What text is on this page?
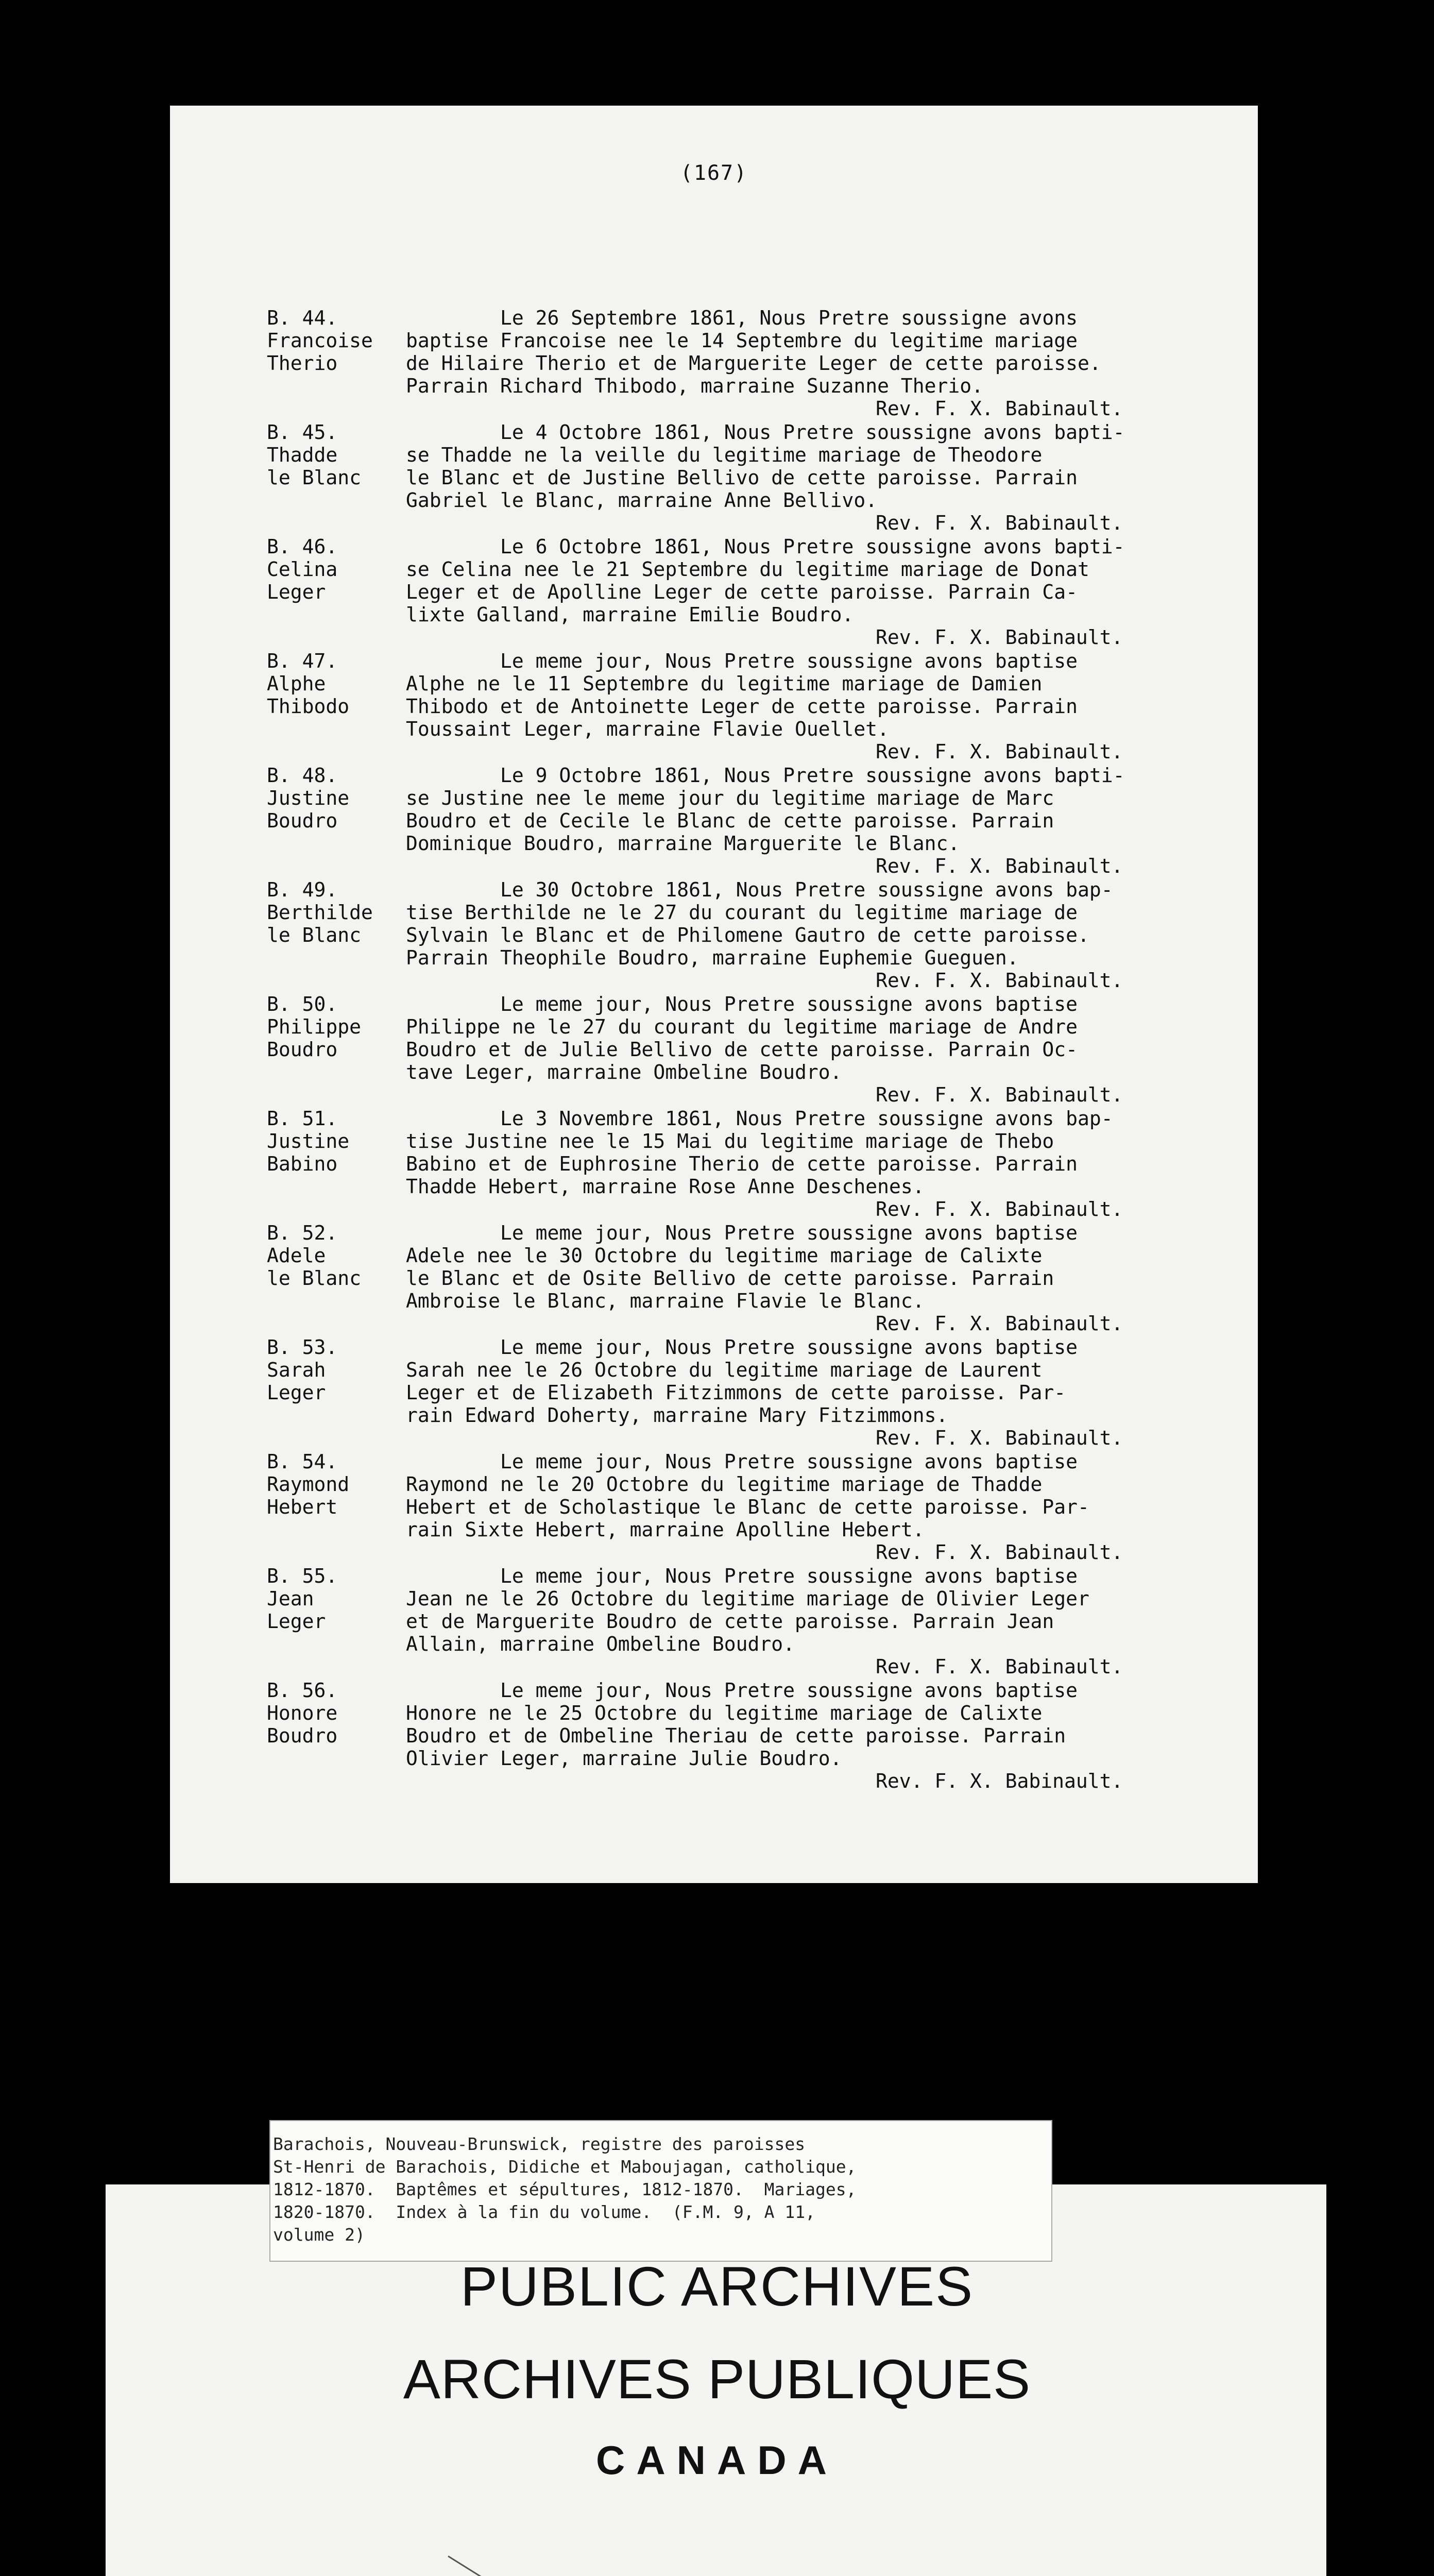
(167)
B. 44.
Francoise
Therio
Le 26 Septembre 1861, Nous Pretre soussigne avons
baptise Francoise nee le 14 Septembre du legitime mariage
de Hilaire Therio et de Marguerite Leger de cette paroisse.
Parrain Richard Thibodo, marraine Suzanne Therio.
Rev. F. X. Babinault.
B. 45.
Thadde
le Blanc
Le 4 Octobre 1861, Nous Pretre soussigne avons bapti-
se Thadde ne la veille du legitime mariage de Theodore
le Blanc et de Justine Bellivo de cette paroisse. Parrain
Gabriel le Blanc, marraine Anne Bellivo.
Rev. F. X. Babinault.
B. 46.
Celina
Leger
Le 6 Octobre 1861, Nous Pretre soussigne avons bapti-
se Celina nee le 21 Septembre du legitime mariage de Donat
Leger et de Apolline Leger de cette paroisse. Parrain Ca-
lixte Galland, marraine Emilie Boudro.
Rev. F. X. Babinault.
B. 47.
Alphe
Thibodo
Le meme jour, Nous Pretre soussigne avons baptise
Alphe ne le 11 Septembre du legitime mariage de Damien
Thibodo et de Antoinette Leger de cette paroisse. Parrain
Toussaint Leger, marraine Flavie Ouellet.
Rev. F. X. Babinault.
B. 48.
Justine
Boudro
Le 9 Octobre 1861, Nous Pretre soussigne avons bapti-
se Justine nee le meme jour du legitime mariage de Marc
Boudro et de Cecile le Blanc de cette paroisse. Parrain
Dominique Boudro, marraine Marguerite le Blanc.
Rev. F. X. Babinault.
B. 49.
Berthilde
le Blanc
Le 30 Octobre 1861, Nous Pretre soussigne avons bap-
tise Berthilde ne le 27 du courant du legitime mariage de
Sylvain le Blanc et de Philomene Gautro de cette paroisse.
Parrain Theophile Boudro, marraine Euphemie Gueguen.
Rev. F. X. Babinault.
B. 50.
Philippe
Boudro
Le meme jour, Nous Pretre soussigne avons baptise
Philippe ne le 27 du courant du legitime mariage de Andre
Boudro et de Julie Bellivo de cette paroisse. Parrain Oc-
tave Leger, marraine Ombeline Boudro.
Rev. F. X. Babinault.
B. 51.
Justine
Babino
Le 3 Novembre 1861, Nous Pretre soussigne avons bap-
tise Justine nee le 15 Mai du legitime mariage de Thebo
Babino et de Euphrosine Therio de cette paroisse. Parrain
Thadde Hebert, marraine Rose Anne Deschenes.
Rev. F. X. Babinault.
B. 52.
Adele
le Blanc
Le meme jour, Nous Pretre soussigne avons baptise
Adele nee le 30 Octobre du legitime mariage de Calixte
le Blanc et de Osite Bellivo de cette paroisse. Parrain
Ambroise le Blanc, marraine Flavie le Blanc.
Rev. F. X. Babinault.
B. 53.
Sarah
Leger
Le meme jour, Nous Pretre soussigne avons baptise
Sarah nee le 26 Octobre du legitime mariage de Laurent
Leger et de Elizabeth Fitzimmons de cette paroisse. Par-
rain Edward Doherty, marraine Mary Fitzimmons.
Rev. F. X. Babinault.
B. 54.
Raymond
Hebert
Le meme jour, Nous Pretre soussigne avons baptise
Raymond ne le 20 Octobre du legitime mariage de Thadde
Hebert et de Scholastique le Blanc de cette paroisse. Par-
rain Sixte Hebert, marraine Apolline Hebert.
Rev. F. X. Babinault.
B. 55.
Jean
Leger
Le meme jour, Nous Pretre soussigne avons baptise
Jean ne le 26 Octobre du legitime mariage de Olivier Leger
et de Marguerite Boudro de cette paroisse. Parrain Jean
Allain, marraine Ombeline Boudro.
Rev. F. X. Babinault.
B. 56.
Honore
Boudro
Le meme jour, Nous Pretre soussigne avons baptise
Honore ne le 25 Octobre du legitime mariage de Calixte
Boudro et de Ombeline Theriau de cette paroisse. Parrain
Olivier Leger, marraine Julie Boudro.
Rev. F. X. Babinault.
Barachois, Nouveau-Brunswick, registre des paroisses
St-Henri de Barachois, Didiche et Maboujagan, catholique,
1812-1870.  Baptêmes et sépultures, 1812-1870.  Mariages,
1820-1870.  Index à la fin du volume.  (F.M. 9, A 11,
volume 2)
PUBLIC ARCHIVES
ARCHIVES PUBLIQUES
CANADA
